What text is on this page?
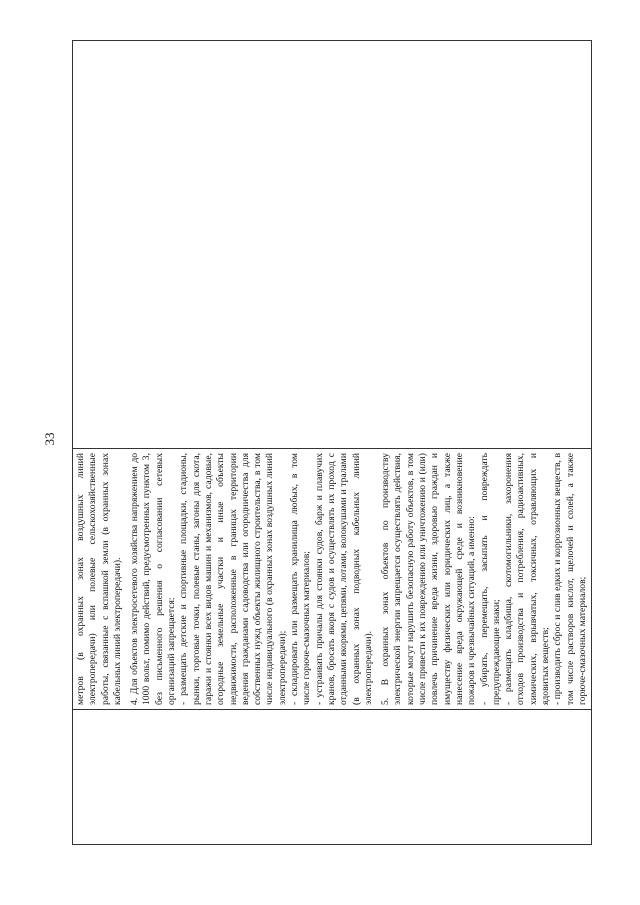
33

метров (в охранных зонах воздушных линий электропередачи) или полевые сельскохозяйственные работы, связанные с вспашкой земли (в охранных зонах кабельных линий электропередачи). 4. Для объектов электросетевого хозяйства напряжением до 1000 вольт, помимо действий, предусмотренных пунктом 3, без письменного решения о согласовании сетевых организаций запрещается: - размещать детские и спортивные площадки, стадионы, рынки, торговые точки, полевые станы, загоны для скота, гаражи и стоянки всех видов машин и механизмов, садовые, огородные земельные участки и иные объекты недвижимости, расположенные в границах территории ведения гражданами садоводства или огородничества для собственных нужд объекты жилищного строительства, в том числе индивидуального (в охранных зонах воздушных линий электропередачи); - складировать или размещать хранилища любых, в том числе горюче-смазочных материалов; - устраивать причалы для стоянки судов, барж и плавучих кранов, бросать якоря с судов и осуществлять их проход с отданными якорями, цепями, лотами, волокушами и тралами (в охранных зонах подводных кабельных линий электропередачи). 5. В охранных зонах объектов по производству электрической энергии запрещается осуществлять действия, которые могут нарушить безопасную работу объектов, в том числе привести к их повреждению или уничтожению и (или) повлечь причинение вреда жизни, здоровью граждан и имуществу физических или юридических лиц, а также нанесение вреда окружающей среде и возникновение пожаров и чрезвычайных ситуаций, а именно: - убирать, перемещать, засыпать и повреждать предупреждающие знаки; - размещать кладбища, скотомогильники, захоронения отходов производства и потребления, радиоактивных, химических, взрывчатых, токсичных, отравляющих и ядовитых веществ; - производить сброс и слив едких и коррозионных веществ, в том числе растворов кислот, щелочей и солей, а также горюче-смазочных материалов;
